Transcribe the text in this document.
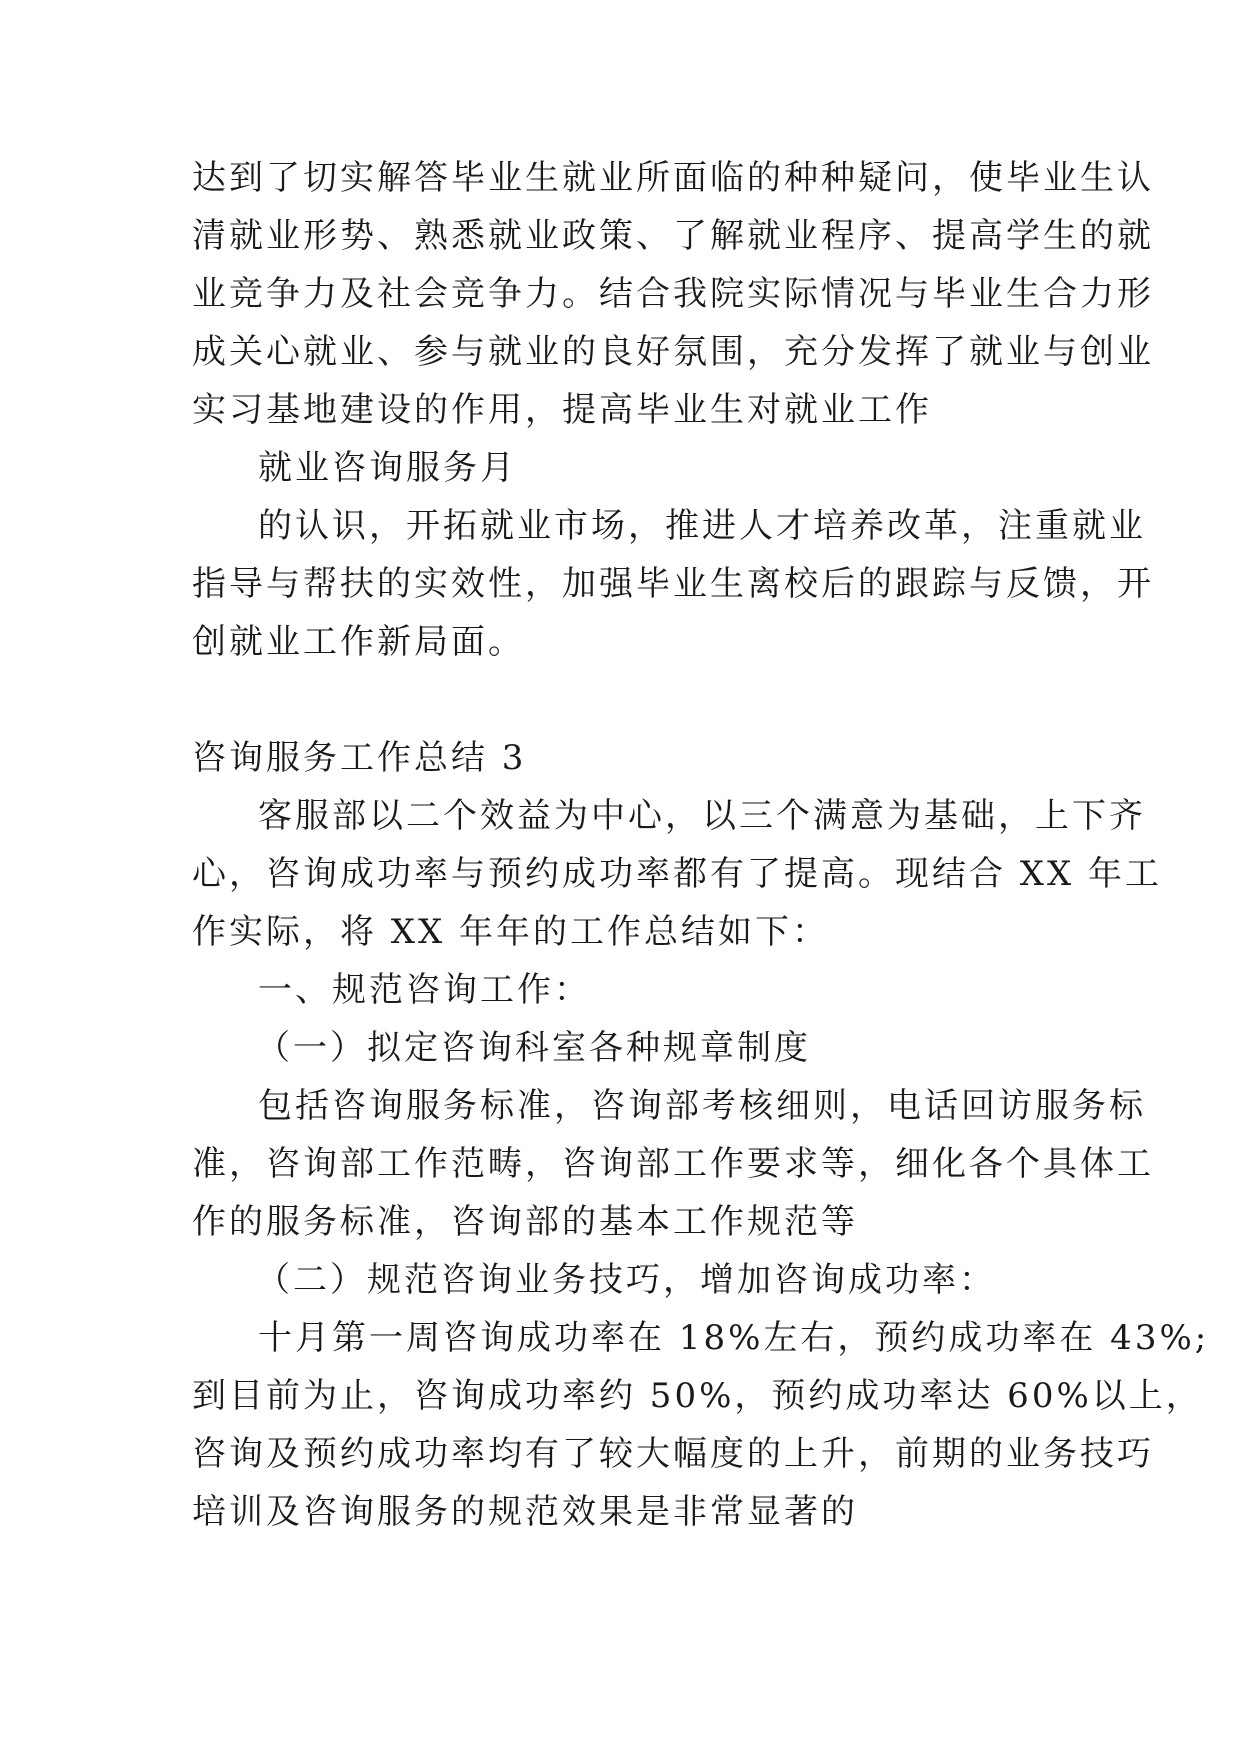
达到了切实解答毕业生就业所面临的种种疑问，使毕业生认
清就业形势、熟悉就业政策、了解就业程序、提高学生的就
业竞争力及社会竞争力。结合我院实际情况与毕业生合力形
成关心就业、参与就业的良好氛围，充分发挥了就业与创业
实习基地建设的作用，提高毕业生对就业工作
就业咨询服务月
的认识，开拓就业市场，推进人才培养改革，注重就业
指导与帮扶的实效性，加强毕业生离校后的跟踪与反馈，开
创就业工作新局面。
咨询服务工作总结 3
客服部以二个效益为中心，以三个满意为基础，上下齐
心，咨询成功率与预约成功率都有了提高。现结合 XX 年工
作实际，将 XX 年年的工作总结如下：
一、规范咨询工作：
（一）拟定咨询科室各种规章制度
包括咨询服务标准，咨询部考核细则，电话回访服务标
准，咨询部工作范畴，咨询部工作要求等，细化各个具体工
作的服务标准，咨询部的基本工作规范等
（二）规范咨询业务技巧，增加咨询成功率：
十月第一周咨询成功率在 18%左右，预约成功率在 43%;
到目前为止，咨询成功率约 50%，预约成功率达 60%以上，
咨询及预约成功率均有了较大幅度的上升，前期的业务技巧
培训及咨询服务的规范效果是非常显著的
